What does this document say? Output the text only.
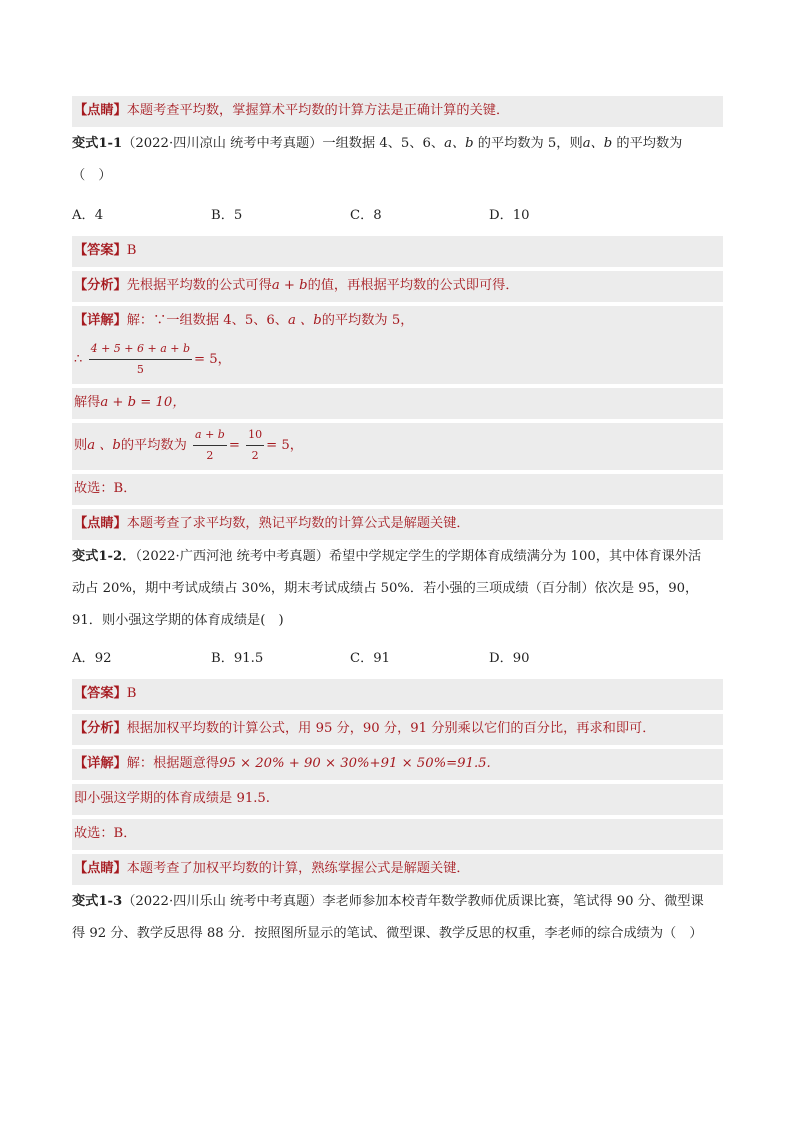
【点睛】本题考查平均数，掌握算术平均数的计算方法是正确计算的关键．
变式1-1（2022·四川凉山 统考中考真题）一组数据 4、5、6、a、b 的平均数为 5，则a、b 的平均数为
（　）
A．4	B．5	C．8	D．10
【答案】B
【分析】先根据平均数的公式可得a + b的值，再根据平均数的公式即可得．
【详解】解：∵一组数据 4、5、6、a 、b的平均数为 5，
∴ $\frac{4 + 5 + 6 + a + b}{5} = 5$，
解得a + b = 10，
则a 、b的平均数为 $\frac{a + b}{2} = \frac{10}{2} = 5$，
故选：B．
【点睛】本题考查了求平均数，熟记平均数的计算公式是解题关键．
变式1-2．（2022·广西河池 统考中考真题）希望中学规定学生的学期体育成绩满分为 100，其中体育课外活
动占 20%，期中考试成绩占 30%，期末考试成绩占 50%．若小强的三项成绩（百分制）依次是 95，90，
91．则小强这学期的体育成绩是(　)
A．92	B．91.5	C．91	D．90
【答案】B
【分析】根据加权平均数的计算公式，用 95 分，90 分，91 分别乘以它们的百分比，再求和即可．
【详解】解：根据题意得95 × 20% + 90 × 30%+91 × 50%=91.5.
即小强这学期的体育成绩是 91.5.
故选：B．
【点睛】本题考查了加权平均数的计算，熟练掌握公式是解题关键．
变式1-3（2022·四川乐山 统考中考真题）李老师参加本校青年数学教师优质课比赛，笔试得 90 分、微型课
得 92 分、教学反思得 88 分．按照图所显示的笔试、微型课、教学反思的权重，李老师的综合成绩为（　）
